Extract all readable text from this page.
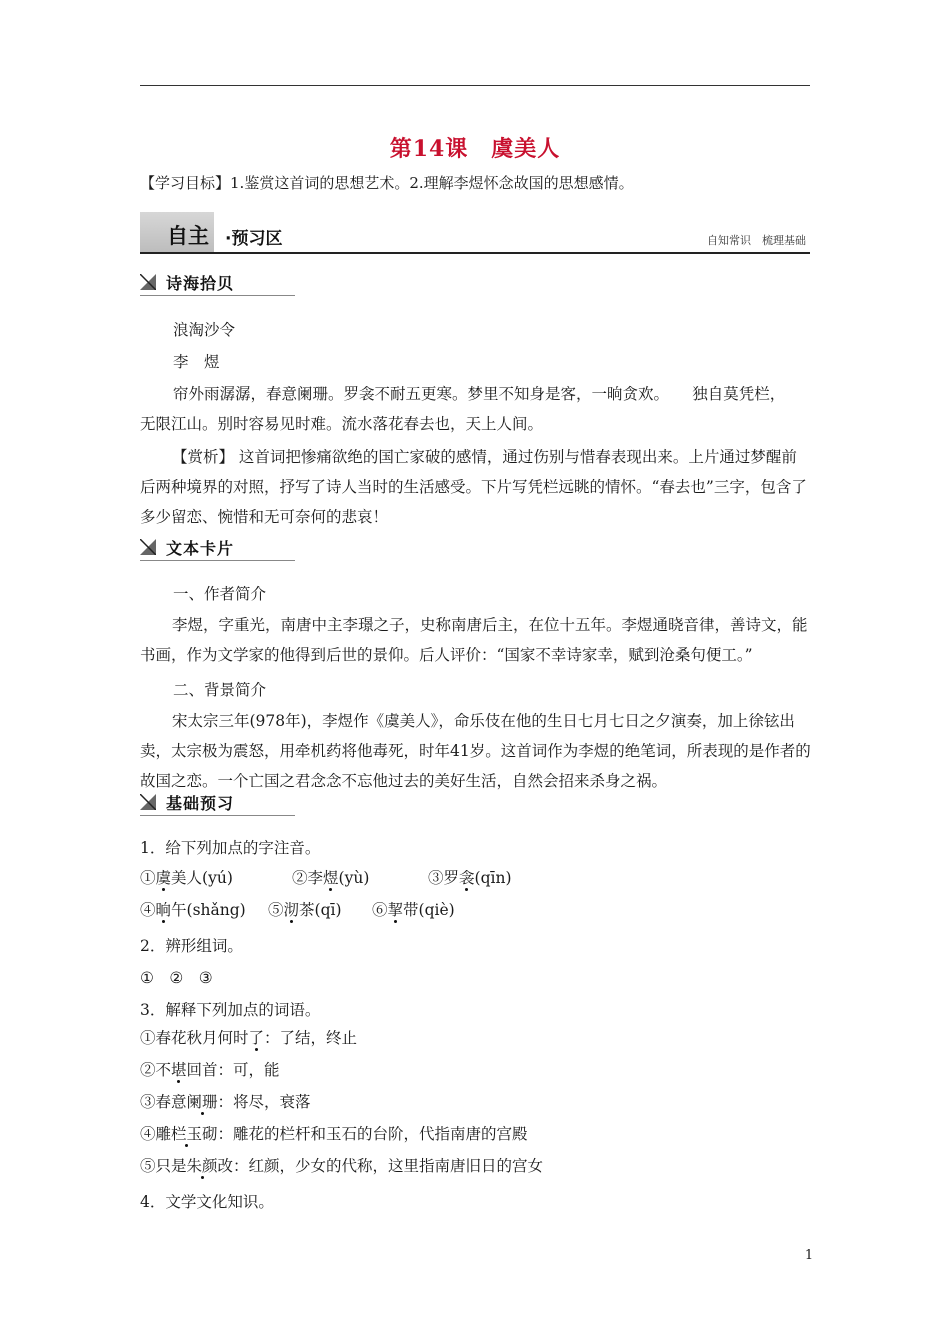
第14课　虞美人
【学习目标】1.鉴赏这首词的思想艺术。2.理解李煜怀念故国的思想感情。
自主 ·预习区	自知常识　梳理基础
诗海拾贝
浪淘沙令
李　煜
帘外雨潺潺，春意阑珊。罗衾不耐五更寒。梦里不知身是客，一晌贪欢。　　独自莫凭栏，
无限江山。别时容易见时难。流水落花春去也，天上人间。
【赏析】 这首词把惨痛欲绝的国亡家破的感情，通过伤别与惜春表现出来。上片通过梦醒前后两种境界的对照，抒写了诗人当时的生活感受。下片写凭栏远眺的情怀。“春去也”三字，包含了多少留恋、惋惜和无可奈何的悲哀！
文本卡片
一、作者简介
李煜，字重光，南唐中主李璟之子，史称南唐后主，在位十五年。李煜通晓音律，善诗文，能书画，作为文学家的他得到后世的景仰。后人评价：“国家不幸诗家幸，赋到沧桑句便工。”
二、背景简介
宋太宗三年(978年)，李煜作《虞美人》，命乐伎在他的生日七月七日之夕演奏，加上徐铉出卖，太宗极为震怒，用牵机药将他毒死，时年41岁。这首词作为李煜的绝笔词，所表现的是作者的故国之恋。一个亡国之君念念不忘他过去的美好生活，自然会招来杀身之祸。
基础预习
1．给下列加点的字注音。
①虞美人(yú)	②李煜(yù)	③罗衾(qīn)
④晌午(shǎng) ⑤沏茶(qī) ⑥挈带(qiè)
2．辨形组词。
①　②　③
3．解释下列加点的词语。
①春花秋月何时了：了结，终止
②不堪回首：可，能
③春意阑珊：将尽，衰落
④雕栏玉砌：雕花的栏杆和玉石的台阶，代指南唐的宫殿
⑤只是朱颜改：红颜，少女的代称，这里指南唐旧日的宫女
4．文学文化知识。
1
